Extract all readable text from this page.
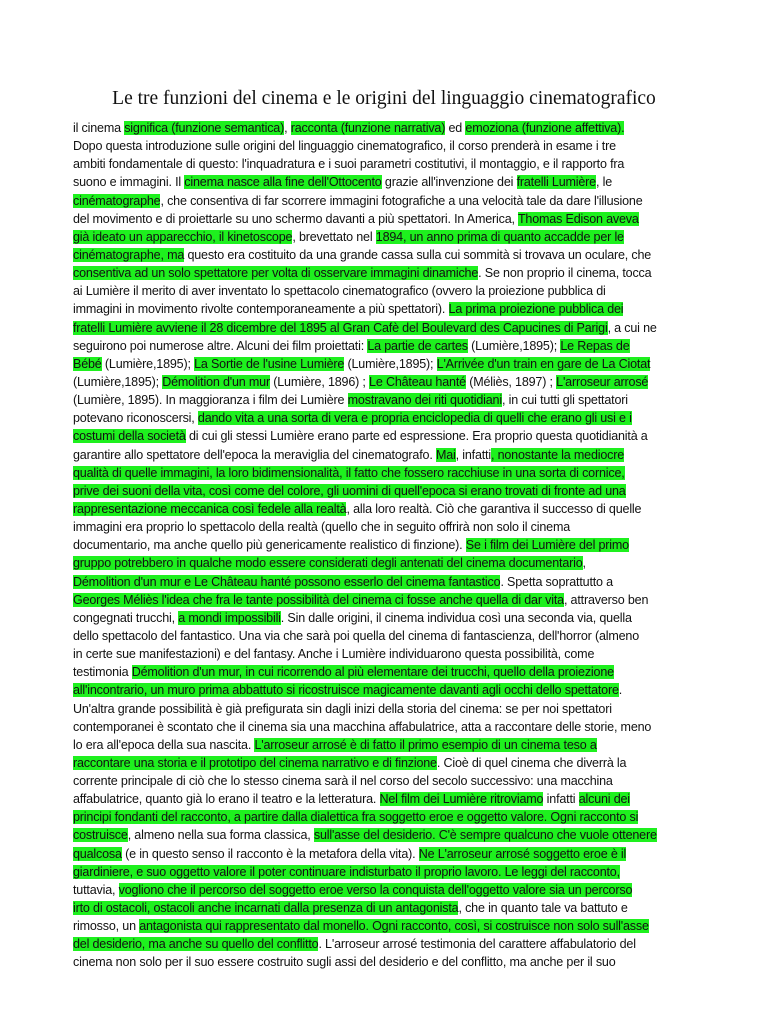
Le tre funzioni del cinema e le origini del linguaggio cinematografico
il cinema significa (funzione semantica), racconta (funzione narrativa) ed emoziona (funzione affettiva).
Dopo questa introduzione sulle origini del linguaggio cinematografico, il corso prenderà in esame i tre
ambiti fondamentale di questo: l'inquadratura e i suoi parametri costitutivi, il montaggio, e il rapporto fra
suono e immagini. Il cinema nasce alla fine dell'Ottocento grazie all'invenzione dei fratelli Lumière, le
cinématographe, che consentiva di far scorrere immagini fotografiche a una velocità tale da dare l'illusione
del movimento e di proiettarle su uno schermo davanti a più spettatori. In America, Thomas Edison aveva
già ideato un apparecchio, il kinetoscope, brevettato nel 1894, un anno prima di quanto accadde per le
cinématographe, ma questo era costituito da una grande cassa sulla cui sommità si trovava un oculare, che
consentiva ad un solo spettatore per volta di osservare immagini dinamiche. Se non proprio il cinema, tocca
ai Lumière il merito di aver inventato lo spettacolo cinematografico (ovvero la proiezione pubblica di
immagini in movimento rivolte contemporaneamente a più spettatori). La prima proiezione pubblica dei
fratelli Lumière avviene il 28 dicembre del 1895 al Gran Cafè del Boulevard des Capucines di Parigi, a cui ne
seguirono poi numerose altre. Alcuni dei film proiettati: La partie de cartes (Lumière,1895); Le Repas de
Bébé (Lumière,1895); La Sortie de l'usine Lumière (Lumière,1895); L'Arrivée d'un train en gare de La Ciotat
(Lumière,1895); Démolition d'un mur (Lumière, 1896) ; Le Château hanté (Méliès, 1897) ; L'arroseur arrosé
(Lumière, 1895). In maggioranza i film dei Lumière mostravano dei riti quotidiani, in cui tutti gli spettatori
potevano riconoscersi, dando vita a una sorta di vera e propria enciclopedia di quelli che erano gli usi e i
costumi della società di cui gli stessi Lumière erano parte ed espressione. Era proprio questa quotidianità a
garantire allo spettatore dell'epoca la meraviglia del cinematografo. Mai, infatti, nonostante la mediocre
qualità di quelle immagini, la loro bidimensionalità, il fatto che fossero racchiuse in una sorta di cornice,
prive dei suoni della vita, così come del colore, gli uomini di quell'epoca si erano trovati di fronte ad una
rappresentazione meccanica così fedele alla realtà, alla loro realtà. Ciò che garantiva il successo di quelle
immagini era proprio lo spettacolo della realtà (quello che in seguito offrirà non solo il cinema
documentario, ma anche quello più genericamente realistico di finzione). Se i film dei Lumière del primo
gruppo potrebbero in qualche modo essere considerati degli antenati del cinema documentario,
Démolition d'un mur e Le Château hanté possono esserlo del cinema fantastico. Spetta soprattutto a
Georges Méliès l'idea che fra le tante possibilità del cinema ci fosse anche quella di dar vita, attraverso ben
congegnati trucchi, a mondi impossibili. Sin dalle origini, il cinema individua così una seconda via, quella
dello spettacolo del fantastico. Una via che sarà poi quella del cinema di fantascienza, dell'horror (almeno
in certe sue manifestazioni) e del fantasy. Anche i Lumière individuarono questa possibilità, come
testimonia Démolition d'un mur, in cui ricorrendo al più elementare dei trucchi, quello della proiezione
all'incontrario, un muro prima abbattuto si ricostruisce magicamente davanti agli occhi dello spettatore.
Un'altra grande possibilità è già prefigurata sin dagli inizi della storia del cinema: se per noi spettatori
contemporanei è scontato che il cinema sia una macchina affabulatrice, atta a raccontare delle storie, meno
lo era all'epoca della sua nascita. L'arroseur arrosé è di fatto il primo esempio di un cinema teso a
raccontare una storia e il prototipo del cinema narrativo e di finzione. Cioè di quel cinema che diverrà la
corrente principale di ciò che lo stesso cinema sarà il nel corso del secolo successivo: una macchina
affabulatrice, quanto già lo erano il teatro e la letteratura. Nel film dei Lumière ritroviamo infatti alcuni dei
principi fondanti del racconto, a partire dalla dialettica fra soggetto eroe e oggetto valore. Ogni racconto si
costruisce, almeno nella sua forma classica, sull'asse del desiderio. C'è sempre qualcuno che vuole ottenere
qualcosa (e in questo senso il racconto è la metafora della vita). Ne L'arroseur arrosé soggetto eroe è il
giardiniere, e suo oggetto valore il poter continuare indisturbato il proprio lavoro. Le leggi del racconto,
tuttavia, vogliono che il percorso del soggetto eroe verso la conquista dell'oggetto valore sia un percorso
irto di ostacoli, ostacoli anche incarnati dalla presenza di un antagonista, che in quanto tale va battuto e
rimosso, un antagonista qui rappresentato dal monello. Ogni racconto, così, si costruisce non solo sull'asse
del desiderio, ma anche su quello del conflitto. L'arroseur arrosé testimonia del carattere affabulatorio del
cinema non solo per il suo essere costruito sugli assi del desiderio e del conflitto, ma anche per il suo
